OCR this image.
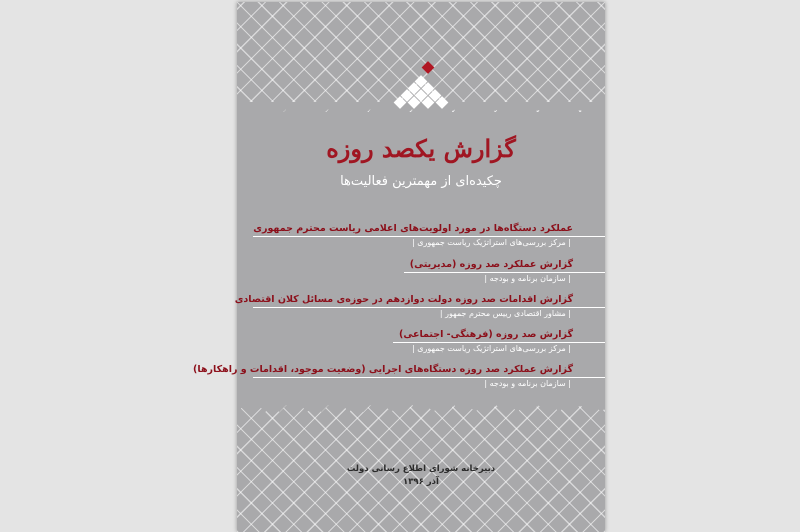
گزارش یکصد روزه
چکیده‌ای از مهمترین فعالیت‌ها
عملکرد دستگاه‌ها در مورد اولویت‌های اعلامی ریاست محترم جمهوری
| مرکز بررسی‌های استراتژیک ریاست جمهوری |
گزارش عملکرد صد روزه (مدیریتی)
| سازمان برنامه و بودجه |
گزارش اقدامات صد روزه دولت دوازدهم در حوزه‌ی مسائل کلان اقتصادی
| مشاور اقتصادی رییس محترم جمهور |
گزارش صد روزه (فرهنگی- اجتماعی)
| مرکز بررسی‌های استراتژیک ریاست جمهوری |
گزارش عملکرد صد روزه دستگاه‌های اجرایی (وضعیت موجود، اقدامات و راهکارها)
| سازمان برنامه و بودجه |
دبیرخانه شورای اطلاع رسانی دولت
آذر ۱۳۹۶
